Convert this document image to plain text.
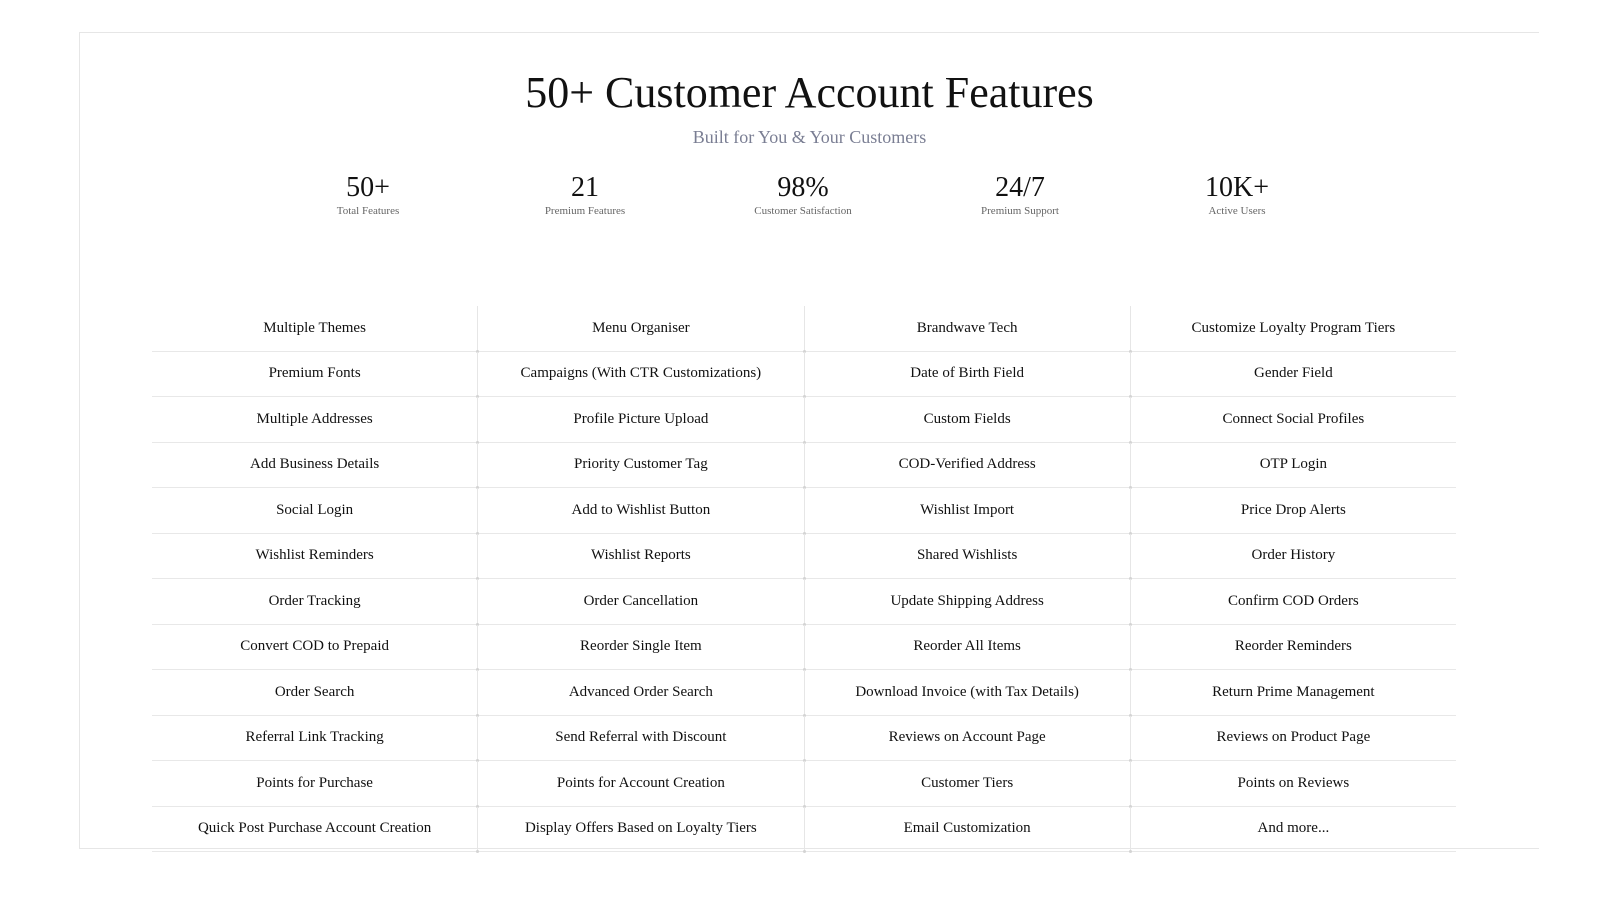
50+ Customer Account Features

Built for You & Your Customers

50+
Total Features
21
Premium Features
98%
Customer Satisfaction
24/7
Premium Support
10K+
Active Users
Multiple Themes	Menu Organiser	Brandwave Tech	Customize Loyalty Program Tiers
Premium Fonts	Campaigns (With CTR Customizations)	Date of Birth Field	Gender Field
Multiple Addresses	Profile Picture Upload	Custom Fields	Connect Social Profiles
Add Business Details	Priority Customer Tag	COD-Verified Address	OTP Login
Social Login	Add to Wishlist Button	Wishlist Import	Price Drop Alerts
Wishlist Reminders	Wishlist Reports	Shared Wishlists	Order History
Order Tracking	Order Cancellation	Update Shipping Address	Confirm COD Orders
Convert COD to Prepaid	Reorder Single Item	Reorder All Items	Reorder Reminders
Order Search	Advanced Order Search	Download Invoice (with Tax Details)	Return Prime Management
Referral Link Tracking	Send Referral with Discount	Reviews on Account Page	Reviews on Product Page
Points for Purchase	Points for Account Creation	Customer Tiers	Points on Reviews
Quick Post Purchase Account Creation	Display Offers Based on Loyalty Tiers	Email Customization	And more...
